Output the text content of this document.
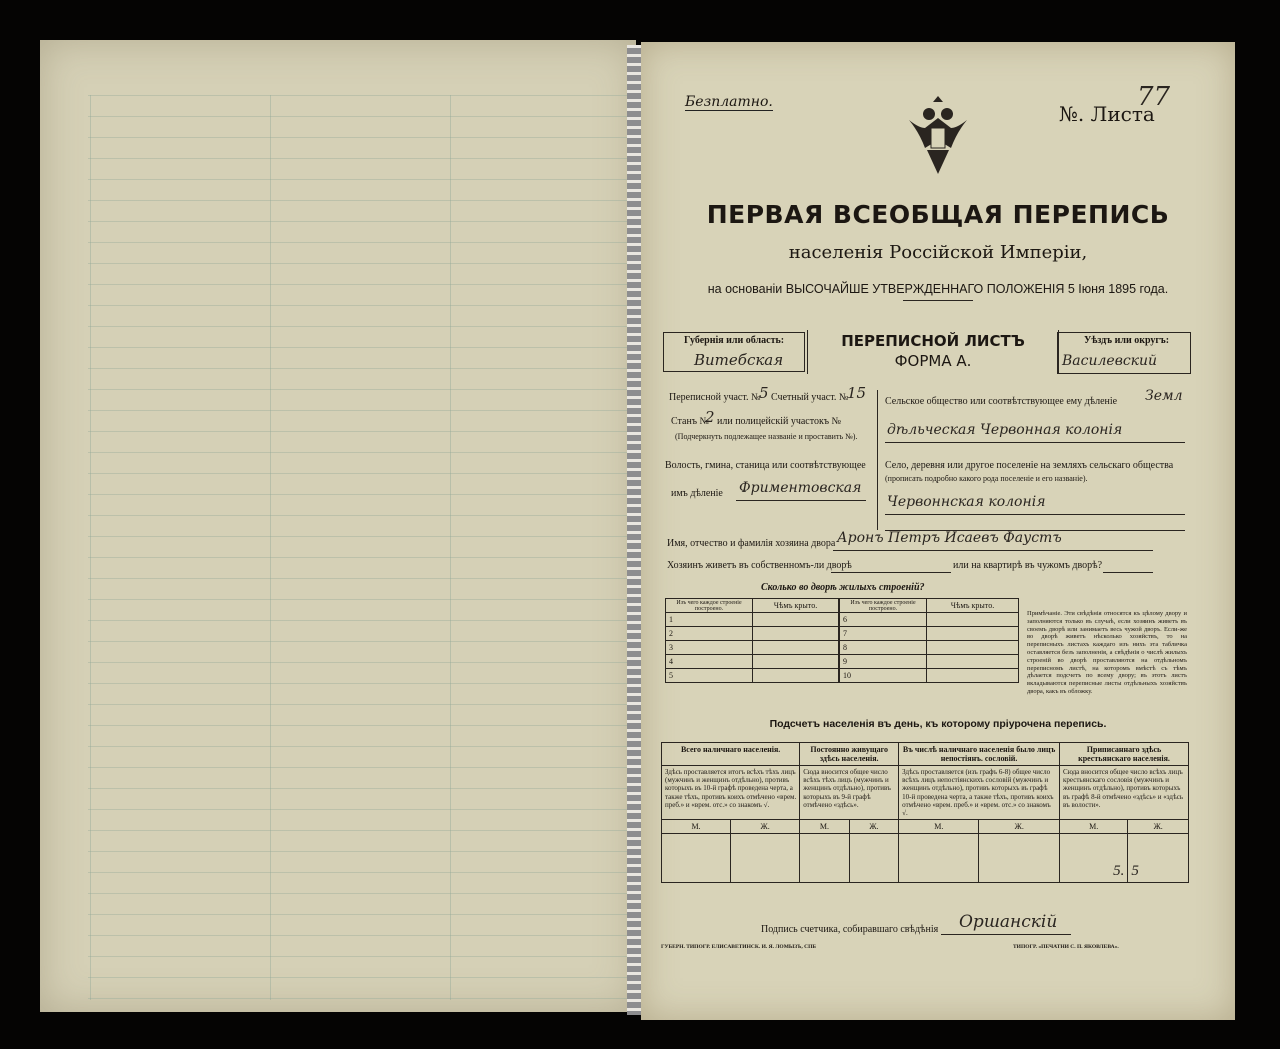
Безплатно.	№. Листа
77
ПЕРВАЯ ВСЕОБЩАЯ ПЕРЕПИСЬ
населенія Россійской Имперіи,
на основаніи ВЫСОЧАЙШЕ УТВЕРЖДЕННАГО ПОЛОЖЕНІЯ 5 Іюня 1895 года.
Губернія или область:
Витебская
ПЕРЕПИСНОЙ ЛИСТЪ
ФОРМА А.
Уѣздъ или округъ:
Василевский
Переписной участ. №
5 Счетный участ. №
15
Станъ №
2 или полицейскій участокъ №
(Подчеркнуть подлежащее названіе и проставить №).
Волость, гмина, станица или соотвѣтствующее
имъ дѣленіе Фриментовская
Сельское общество или соотвѣтствующее ему дѣленіе Земл
дѣльческая Червонная колонія
Село, деревня или другое поселеніе на земляхъ сельскаго общества
(прописать подробно какого рода поселеніе и его названіе).
Червоннская колонія
Имя, отчество и фамилія хозяина двора Аронъ Петръ Исаевъ Фаустъ
Хозяинъ живетъ въ собственномъ-ли дворѣ	или на квартирѣ въ чужомъ дворѣ?
Сколько во дворѣ жилыхъ строеній?
Изъ чего каждое строеніе построено.	Чѣмъ крыто.
1	
2	
3	
4	
5	
Изъ чего каждое строеніе построено.	Чѣмъ крыто.
6	
7	
8	
9	
10	
Примѣчаніе. Эти свѣдѣнія относятся къ цѣлому двору и заполняются только въ случаѣ, если хозяинъ живетъ въ своемъ дворѣ или занимаетъ весь чужой дворъ. Если-же во дворѣ живетъ нѣсколько хозяйствъ, то на переписныхъ листахъ каждаго изъ нихъ эта табличка оставляется безъ заполненія, а свѣдѣнія о числѣ жилыхъ строеній во дворѣ проставляются на отдѣльномъ переписномъ листѣ, на которомъ вмѣстѣ съ тѣмъ дѣлается подсчетъ по всему двору; въ этотъ листъ вкладываются переписные листы отдѣльныхъ хозяйствъ двора, какъ въ обложку.
Подсчетъ населенія въ день, къ которому пріурочена перепись.
Всего наличнаго населенія.		Постоянно живущаго здѣсь населенія.		Въ числѣ наличнаго населенія было лицъ непостіянъ. сословій.		Приписаннаго здѣсь крестьянскаго населенія.	
Здѣсь проставляется итогъ всѣхъ тѣхъ лицъ (мужчинъ и женщинъ отдѣльно), противъ которыхъ въ 10-й графѣ проведена черта, а также тѣхъ, противъ коихъ отмѣчено «врем. преб.» и «врем. отс.» со знакомъ √.		Сюда вносится общее число всѣхъ тѣхъ лицъ (мужчинъ и женщинъ отдѣльно), противъ которыхъ въ 9-й графѣ отмѣчено «здѣсь».		Здѣсь проставляется (изъ графъ 6-8) общее число всѣхъ лицъ непостіянскихъ сословій (мужчинъ и женщинъ отдѣльно), противъ которыхъ въ графѣ 10-й проведена черта, а также тѣхъ, противъ коихъ отмѣчено «врем. преб.» и «врем. отс.» со знакомъ √.		Сюда вносится общее число всѣхъ лицъ крестьянскаго сословія (мужчинъ и женщинъ отдѣльно), противъ которыхъ въ графѣ 8-й отмѣчено «здѣсь» и «здѣсь въ волости».	
М.	Ж.	М.	Ж.	М.	Ж.	М.	Ж.
						5.	5
Подпись счетчика, собиравшаго свѣдѣнія Оршанскiй
ГУБЕРН. ТИПОГР. ЕЛИСАВЕТИНСК. И. Я. ЛОМЫЗЪ, СПБ	ТИПОГР. «ПЕЧАТНИ С. П. ЯКОВЛЕВА».
